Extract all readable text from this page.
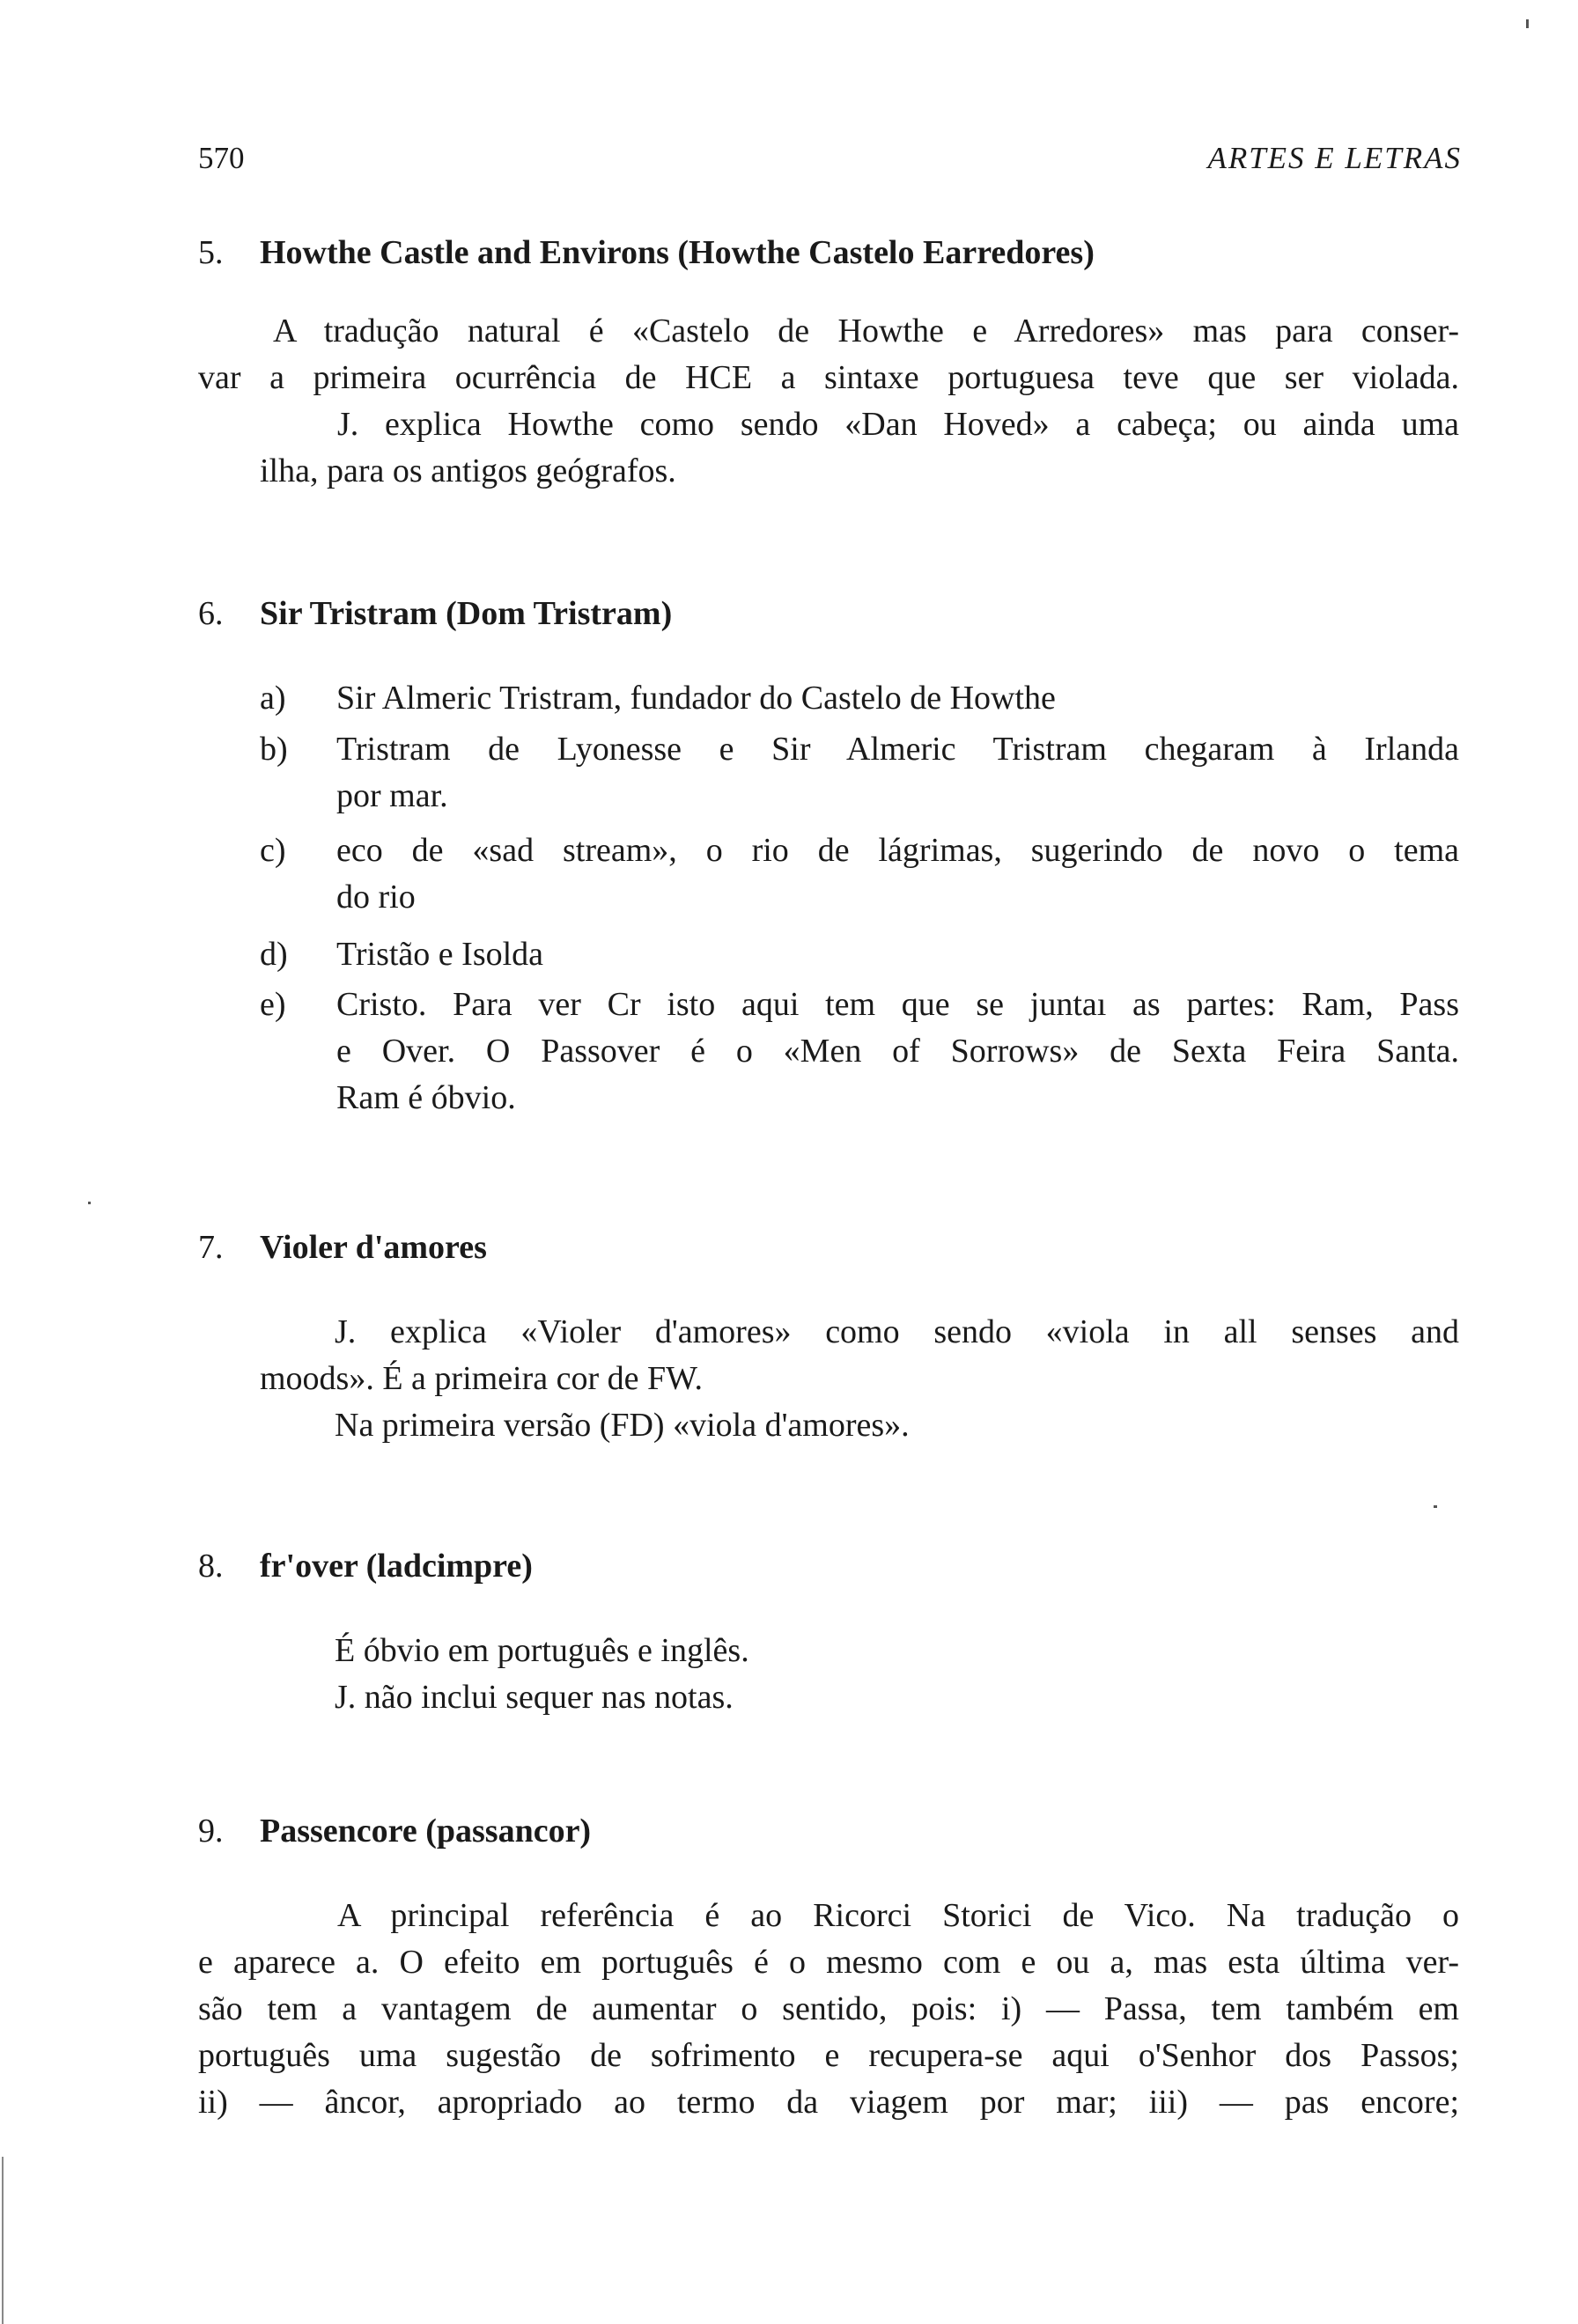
570	ARTES E LETRAS
5. Howthe Castle and Environs (Howthe Castelo Earredores)
A tradução natural é «Castelo de Howthe e Arredores» mas para conser-
var a primeira ocurrência de HCE a sintaxe portuguesa teve que ser violada.
J. explica Howthe como sendo «Dan Hoved» a cabeça; ou ainda uma
ilha, para os antigos geógrafos.
6. Sir Tristram (Dom Tristram)
a) Sir Almeric Tristram, fundador do Castelo de Howthe
b) Tristram de Lyonesse e Sir Almeric Tristram chegaram à Irlanda
por mar.
c) eco de «sad stream», o rio de lágrimas, sugerindo de novo o tema
do rio
d) Tristão e Isolda
e) Cristo. Para ver Cr isto aqui tem que se juntaı as partes: Ram, Pass
e Over. O Passover é o «Men of Sorrows» de Sexta Feira Santa.
Ram é óbvio.
7. Violer d'amores
J. explica «Violer d'amores» como sendo «viola in all senses and
moods». É a primeira cor de FW.
Na primeira versão (FD) «viola d'amores».
8. fr'over (ladcimpre)
É óbvio em português e inglês.
J. não inclui sequer nas notas.
9. Passencore (passancor)
A principal referência é ao Ricorci Storici de Vico. Na tradução o
e aparece a. O efeito em português é o mesmo com e ou a, mas esta última ver-
são tem a vantagem de aumentar o sentido, pois: i) — Passa, tem também em
português uma sugestão de sofrimento e recupera-se aqui o'Senhor dos Passos;
ii) — âncor, apropriado ao termo da viagem por mar; iii) — pas encore;
